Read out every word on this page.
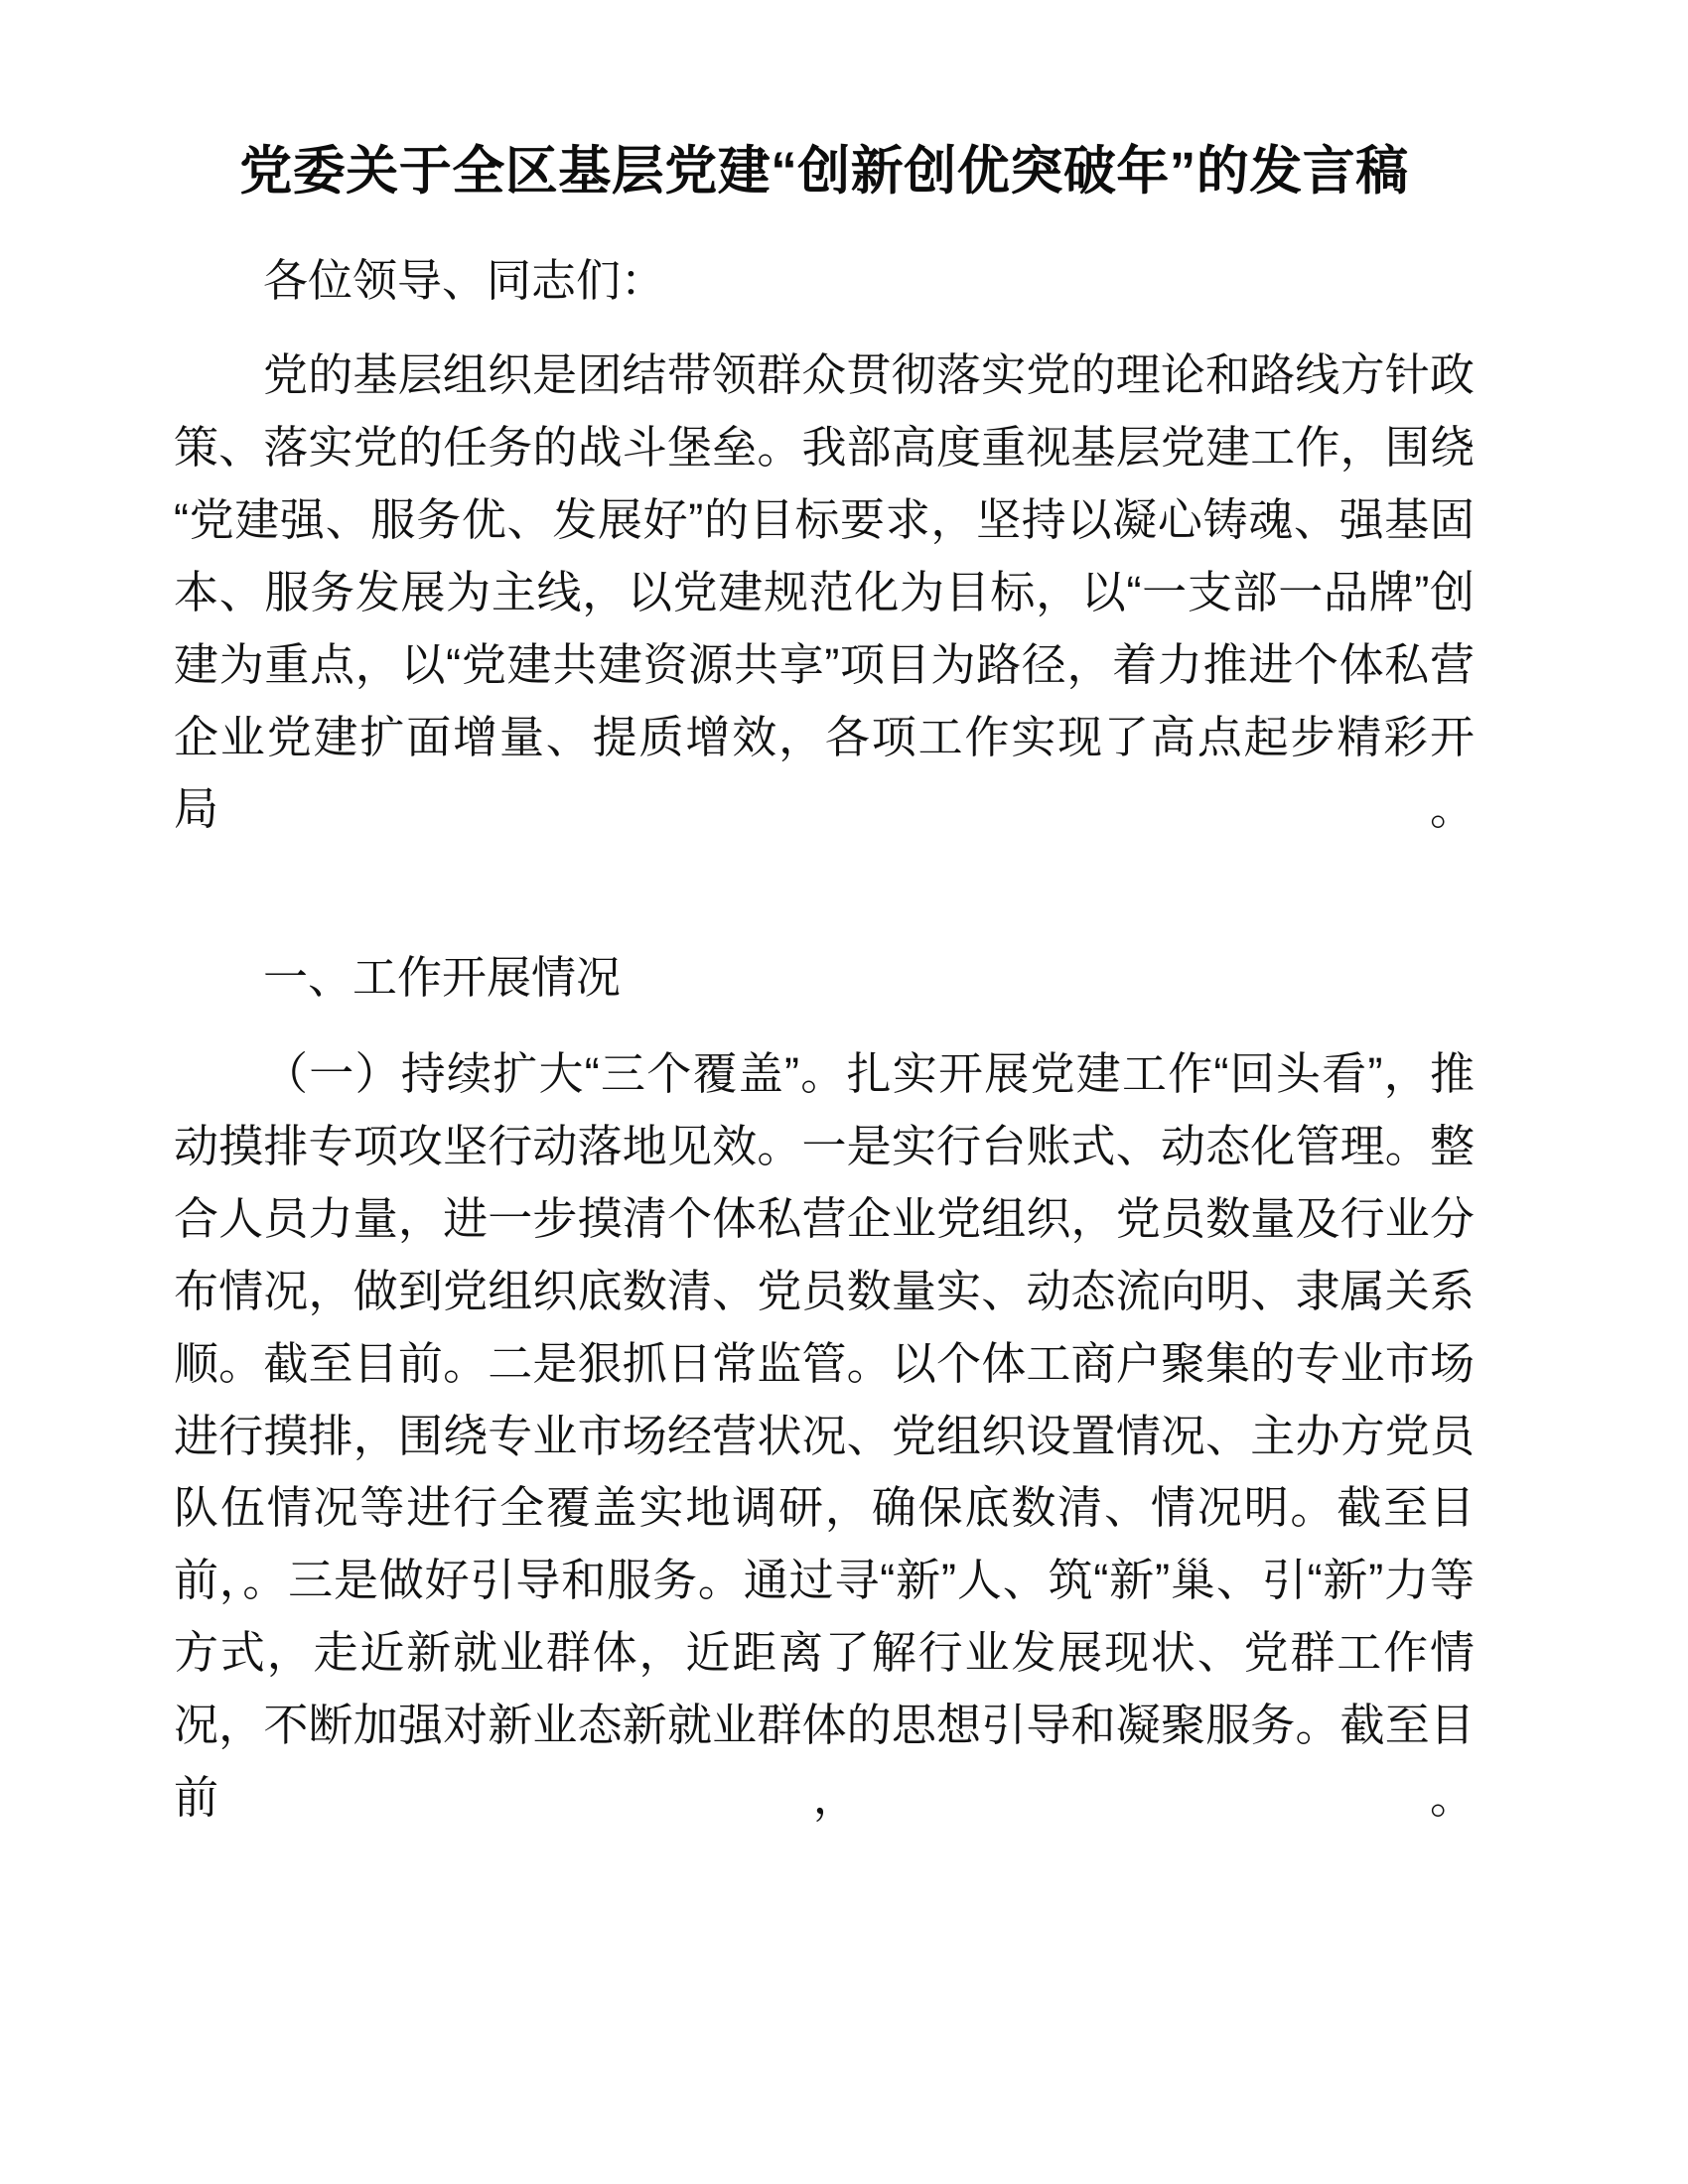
党委关于全区基层党建“创新创优突破年”的发言稿

各位领导、同志们：

党的基层组织是团结带领群众贯彻落实党的理论和路线方针政策、落实党的任务的战斗堡垒。我部高度重视基层党建工作，围绕“党建强、服务优、发展好”的目标要求，坚持以凝心铸魂、强基固本、服务发展为主线，以党建规范化为目标，以“一支部一品牌”创建为重点，以“党建共建资源共享”项目为路径，着力推进个体私营企业党建扩面增量、提质增效，各项工作实现了高点起步精彩开局。

一、工作开展情况

（一）持续扩大“三个覆盖”。扎实开展党建工作“回头看”，推动摸排专项攻坚行动落地见效。一是实行台账式、动态化管理。整合人员力量，进一步摸清个体私营企业党组织，党员数量及行业分布情况，做到党组织底数清、党员数量实、动态流向明、隶属关系顺。截至目前。二是狠抓日常监管。以个体工商户聚集的专业市场进行摸排，围绕专业市场经营状况、党组织设置情况、主办方党员队伍情况等进行全覆盖实地调研，确保底数清、情况明。截至目前，。三是做好引导和服务。通过寻“新”人、筑“新”巢、引“新”力等方式，走近新就业群体，近距离了解行业发展现状、党群工作情况，不断加强对新业态新就业群体的思想引导和凝聚服务。截至目前，。
